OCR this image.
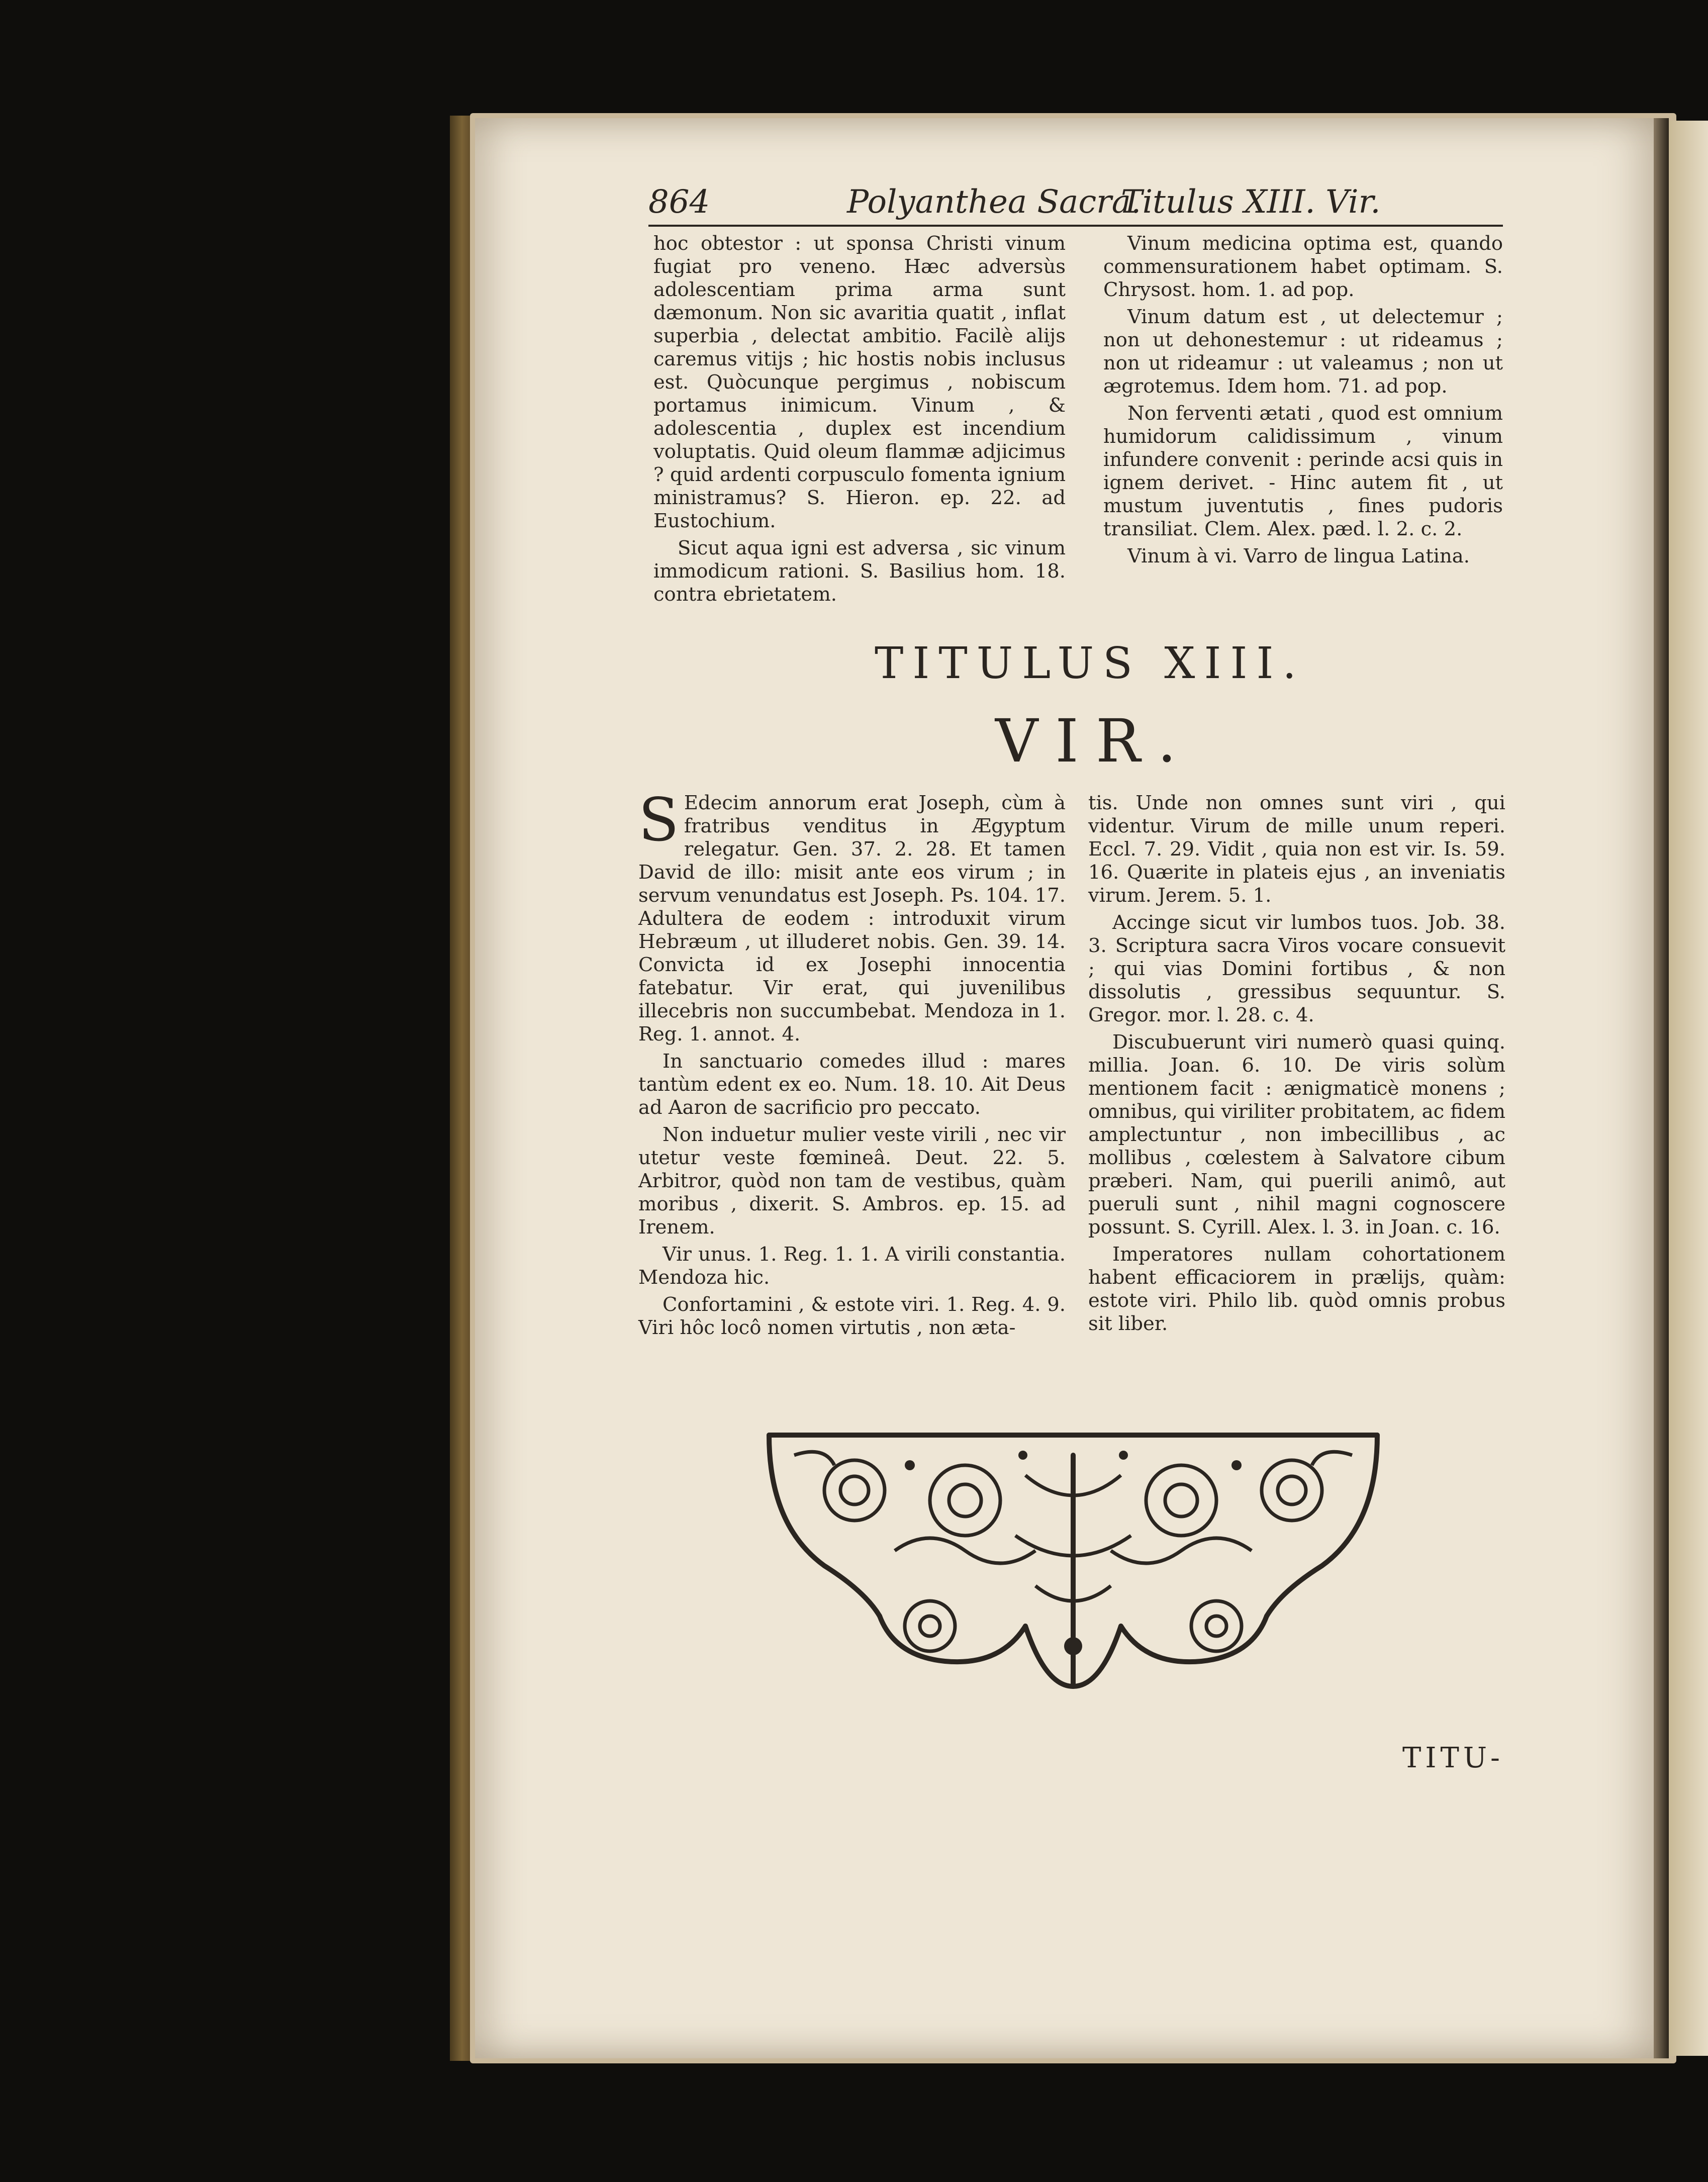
864	Polyanthea Sacra.
Titulus XIII. Vir.

hoc obtestor : ut sponsa Christi vinum fugiat pro veneno. Hæc adversùs adolescentiam prima arma sunt dæmonum. Non sic avaritia quatit , inflat superbia , delectat ambitio. Facilè alijs caremus vitijs ; hic hostis nobis inclusus est. Quòcunque pergimus , nobiscum portamus inimicum. Vinum , & adolescentia , duplex est incendium voluptatis. Quid oleum flammæ adjicimus ? quid ardenti corpusculo fomenta ignium ministramus? S. Hieron. ep. 22. ad Eustochium.

Sicut aqua igni est adversa , sic vinum immodicum rationi. S. Basilius hom. 18. contra ebrietatem.

Vinum medicina optima est, quando commensurationem habet optimam. S. Chrysost. hom. 1. ad pop.

Vinum datum est , ut delectemur ; non ut dehonestemur : ut rideamus ; non ut rideamur : ut valeamus ; non ut ægrotemus. Idem hom. 71. ad pop.

Non ferventi ætati , quod est omnium humidorum calidissimum , vinum infundere convenit : perinde acsi quis in ignem derivet. - Hinc autem fit , ut mustum juventutis , fines pudoris transiliat. Clem. Alex. pæd. l. 2. c. 2.

Vinum à vi. Varro de lingua Latina.

TITULUS XIII.
VIR.

S Edecim annorum erat Joseph, cùm à fratribus venditus in Ægyptum relegatur. Gen. 37. 2. 28. Et tamen David de illo: misit ante eos virum ; in servum venundatus est Joseph. Ps. 104. 17. Adultera de eodem : introduxit virum Hebræum , ut illuderet nobis. Gen. 39. 14. Convicta id ex Josephi innocentia fatebatur. Vir erat, qui juvenilibus illecebris non succumbebat. Mendoza in 1. Reg. 1. annot. 4.

In sanctuario comedes illud : mares tantùm edent ex eo. Num. 18. 10. Ait Deus ad Aaron de sacrificio pro peccato.

Non induetur mulier veste virili , nec vir utetur veste fœmineâ. Deut. 22. 5. Arbitror, quòd non tam de vestibus, quàm moribus , dixerit. S. Ambros. ep. 15. ad Irenem.

Vir unus. 1. Reg. 1. 1. A virili constantia. Mendoza hic.

Confortamini , & estote viri. 1. Reg. 4. 9. Viri hôc locô nomen virtutis , non æta-

tis. Unde non omnes sunt viri , qui videntur. Virum de mille unum reperi. Eccl. 7. 29. Vidit , quia non est vir. Is. 59. 16. Quærite in plateis ejus , an inveniatis virum. Jerem. 5. 1.

Accinge sicut vir lumbos tuos. Job. 38. 3. Scriptura sacra Viros vocare consuevit ; qui vias Domini fortibus , & non dissolutis , gressibus sequuntur. S. Gregor. mor. l. 28. c. 4.

Discubuerunt viri numerò quasi quinq. millia. Joan. 6. 10. De viris solùm mentionem facit : ænigmaticè monens ; omnibus, qui viriliter probitatem, ac fidem amplectuntur , non imbecillibus , ac mollibus , cœlestem à Salvatore cibum præberi. Nam, qui puerili animô, aut pueruli sunt , nihil magni cognoscere possunt. S. Cyrill. Alex. l. 3. in Joan. c. 16.

Imperatores nullam cohortationem habent efficaciorem in prælijs, quàm: estote viri. Philo lib. quòd omnis probus sit liber.

TITU-
